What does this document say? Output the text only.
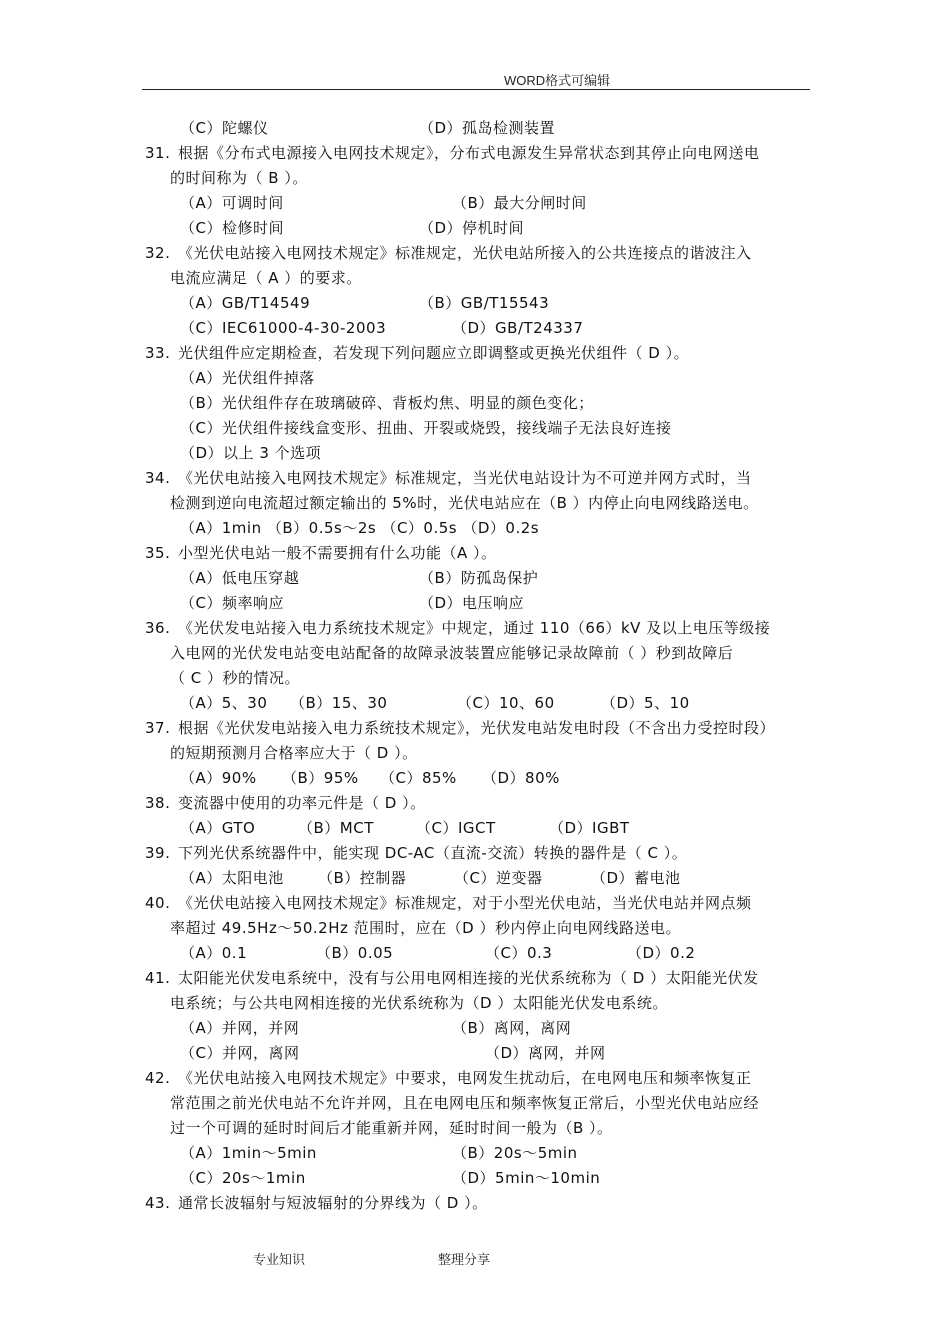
WORD格式可编辑
（C）陀螺仪	（D）孤岛检测装置
31. 根据《分布式电源接入电网技术规定》，分布式电源发生异常状态到其停止向电网送电
的时间称为（ B ）。
（A）可调时间	（B）最大分闸时间
（C）检修时间	（D）停机时间
32. 《光伏电站接入电网技术规定》标准规定，光伏电站所接入的公共连接点的谐波注入
电流应满足（ A ）的要求。
（A）GB/T14549	（B）GB/T15543
（C）IEC61000-4-30-2003	（D）GB/T24337
33. 光伏组件应定期检查，若发现下列问题应立即调整或更换光伏组件（ D ）。
（A）光伏组件掉落
（B）光伏组件存在玻璃破碎、背板灼焦、明显的颜色变化；
（C）光伏组件接线盒变形、扭曲、开裂或烧毁，接线端子无法良好连接
（D）以上 3 个选项
34. 《光伏电站接入电网技术规定》标准规定，当光伏电站设计为不可逆并网方式时，当
检测到逆向电流超过额定输出的 5%时，光伏电站应在（B ）内停止向电网线路送电。
（A）1min （B）0.5s～2s （C）0.5s （D）0.2s
35. 小型光伏电站一般不需要拥有什么功能（A ）。
（A）低电压穿越	（B）防孤岛保护
（C）频率响应	（D）电压响应
36. 《光伏发电站接入电力系统技术规定》中规定，通过 110（66）kV 及以上电压等级接
入电网的光伏发电站变电站配备的故障录波装置应能够记录故障前（ ）秒到故障后
（ C ）秒的情况。
（A）5、30 （B）15、30	（C）10、60	（D）5、10
37. 根据《光伏发电站接入电力系统技术规定》，光伏发电站发电时段（不含出力受控时段）
的短期预测月合格率应大于（ D ）。
（A）90% （B）95% （C）85% （D）80%
38. 变流器中使用的功率元件是（ D ）。
（A）GTO	（B）MCT	（C）IGCT	（D）IGBT
39. 下列光伏系统器件中，能实现 DC-AC（直流-交流）转换的器件是（ C ）。
（A）太阳电池 （B）控制器	（C）逆变器	（D）蓄电池
40. 《光伏电站接入电网技术规定》标准规定，对于小型光伏电站，当光伏电站并网点频
率超过 49.5Hz～50.2Hz 范围时，应在（D ）秒内停止向电网线路送电。
（A）0.1	（B）0.05	（C）0.3	（D）0.2
41. 太阳能光伏发电系统中，没有与公用电网相连接的光伏系统称为（ D ）太阳能光伏发
电系统；与公共电网相连接的光伏系统称为（D ）太阳能光伏发电系统。
（A）并网，并网	（B）离网，离网
（C）并网，离网	（D）离网，并网
42. 《光伏电站接入电网技术规定》中要求，电网发生扰动后，在电网电压和频率恢复正
常范围之前光伏电站不允许并网，且在电网电压和频率恢复正常后，小型光伏电站应经
过一个可调的延时时间后才能重新并网，延时时间一般为（B ）。
（A）1min～5min	（B）20s～5min
（C）20s～1min	（D）5min～10min
43. 通常长波辐射与短波辐射的分界线为（ D ）。
专业知识	整理分享
